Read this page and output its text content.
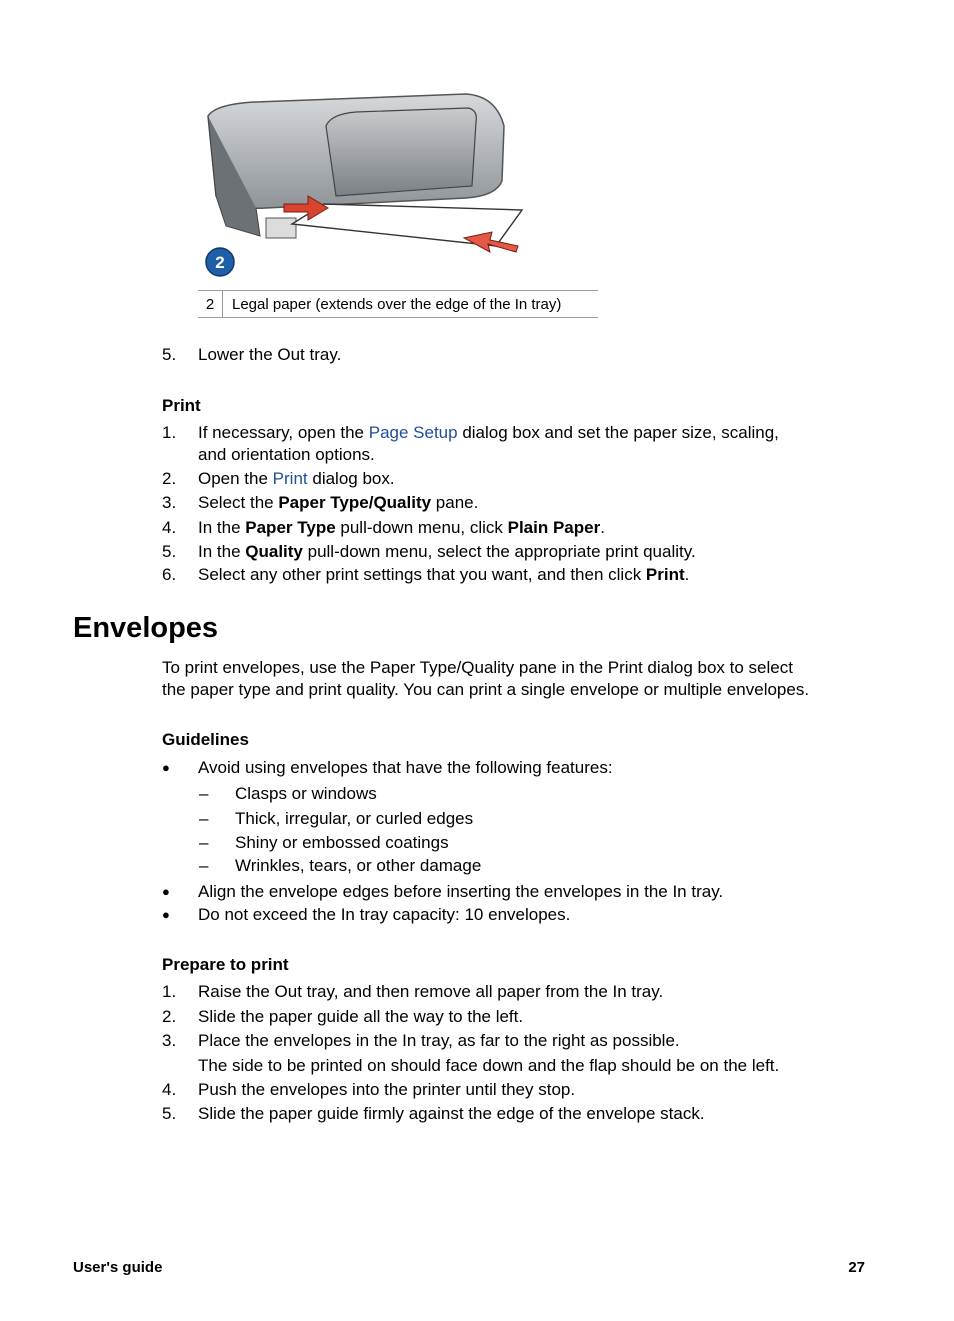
2
2	Legal paper (extends over the edge of the In tray)
5.	Lower the Out tray.
Print
1.	If necessary, open the Page Setup dialog box and set the paper size, scaling,
and orientation options.
2.	Open the Print dialog box.
3.	Select the Paper Type/Quality pane.
4.	In the Paper Type pull-down menu, click Plain Paper.
5.	In the Quality pull-down menu, select the appropriate print quality.
6.	Select any other print settings that you want, and then click Print.
Envelopes
To print envelopes, use the Paper Type/Quality pane in the Print dialog box to select
the paper type and print quality. You can print a single envelope or multiple envelopes.
Guidelines
●	Avoid using envelopes that have the following features:
–	Clasps or windows
–	Thick, irregular, or curled edges
–	Shiny or embossed coatings
–	Wrinkles, tears, or other damage
●	Align the envelope edges before inserting the envelopes in the In tray.
●	Do not exceed the In tray capacity: 10 envelopes.
Prepare to print
1.	Raise the Out tray, and then remove all paper from the In tray.
2.	Slide the paper guide all the way to the left.
3.	Place the envelopes in the In tray, as far to the right as possible.
The side to be printed on should face down and the flap should be on the left.
4.	Push the envelopes into the printer until they stop.
5.	Slide the paper guide firmly against the edge of the envelope stack.
User's guide	27
